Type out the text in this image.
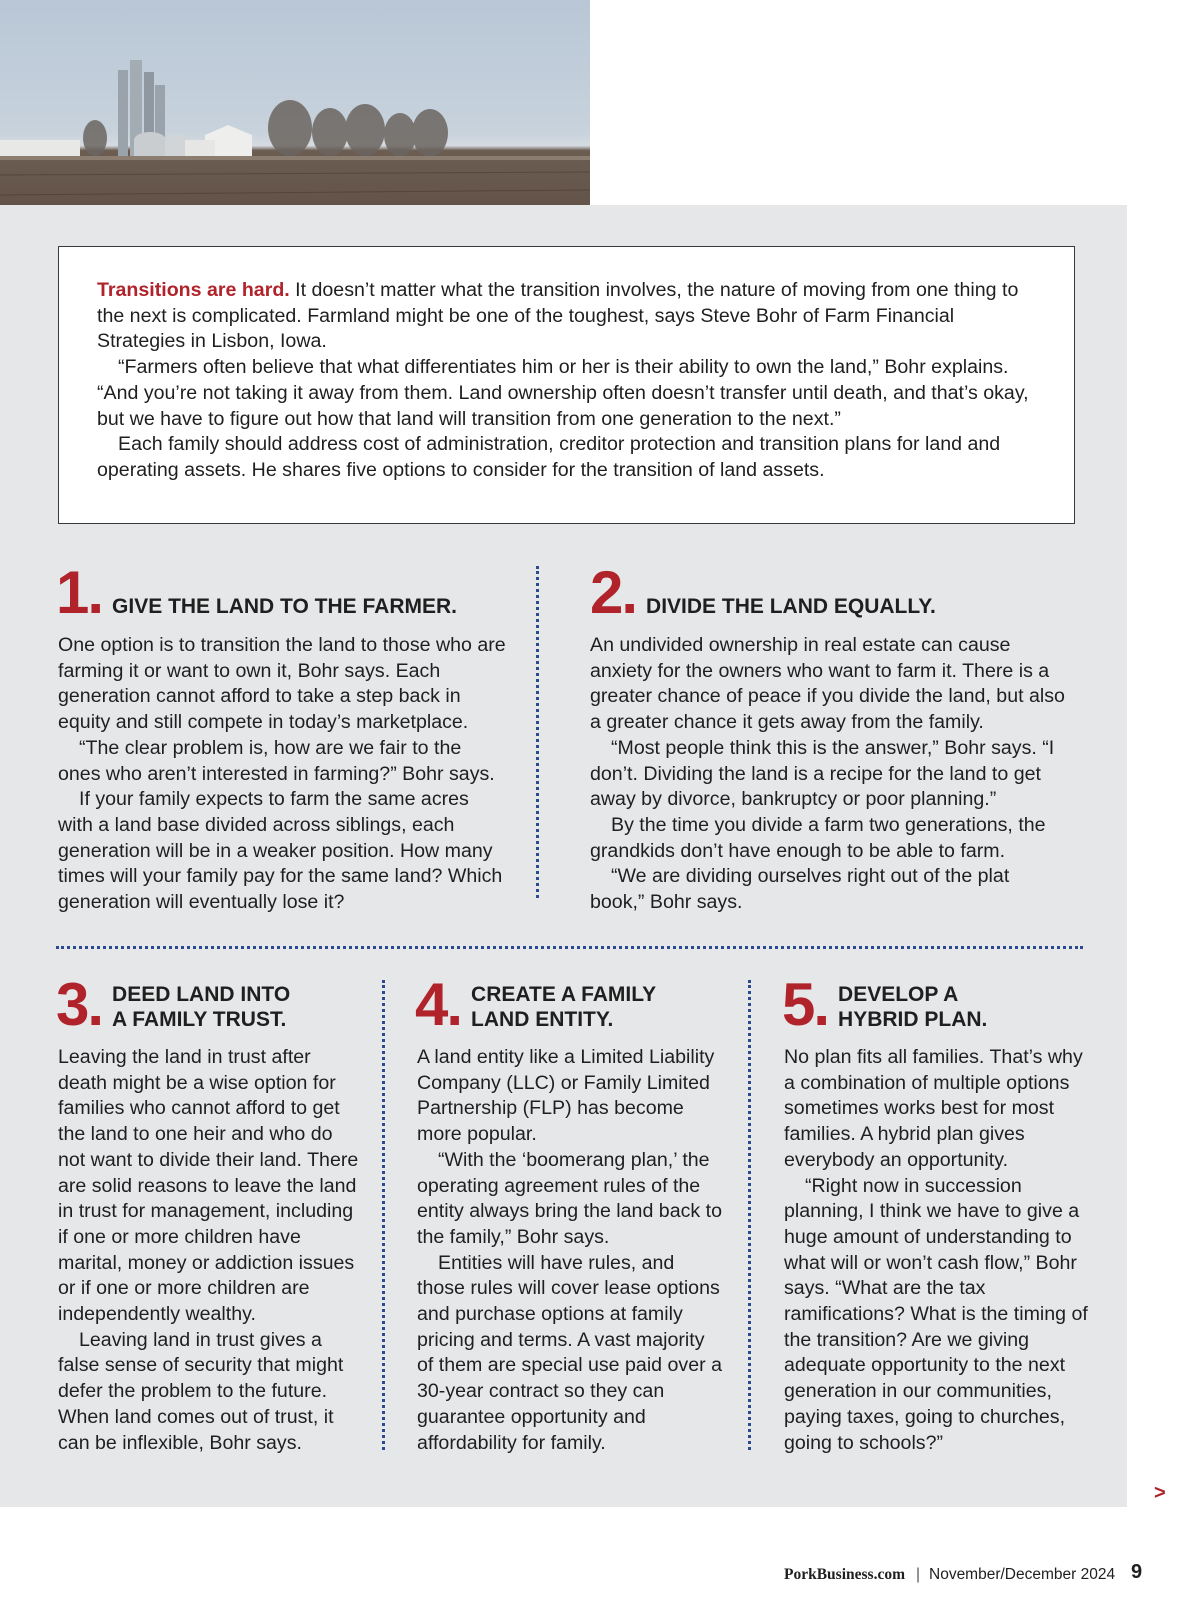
Transitions are hard. It doesn’t matter what the transition involves, the nature of moving from one thing to the next is complicated. Farmland might be one of the toughest, says Steve Bohr of Farm Financial Strategies in Lisbon, Iowa.

“Farmers often believe that what differentiates him or her is their ability to own the land,” Bohr explains. “And you’re not taking it away from them. Land ownership often doesn’t transfer until death, and that’s okay, but we have to figure out how that land will transition from one generation to the next.”

Each family should address cost of administration, creditor protection and transition plans for land and operating assets. He shares five options to consider for the transition of land assets.

1. GIVE THE LAND TO THE FARMER.

One option is to transition the land to those who are farming it or want to own it, Bohr says. Each generation cannot afford to take a step back in equity and still compete in today’s marketplace.

“The clear problem is, how are we fair to the ones who aren’t interested in farming?” Bohr says.

If your family expects to farm the same acres with a land base divided across siblings, each generation will be in a weaker position. How many times will your family pay for the same land? Which generation will eventually lose it?

2. DIVIDE THE LAND EQUALLY.

An undivided ownership in real estate can cause anxiety for the owners who want to farm it. There is a greater chance of peace if you divide the land, but also a greater chance it gets away from the family.

“Most people think this is the answer,” Bohr says. “I don’t. Dividing the land is a recipe for the land to get away by divorce, bankruptcy or poor planning.”

By the time you divide a farm two generations, the grandkids don’t have enough to be able to farm.

“We are dividing ourselves right out of the plat book,” Bohr says.

3. DEED LAND INTO
A FAMILY TRUST.

Leaving the land in trust after death might be a wise option for families who cannot afford to get the land to one heir and who do not want to divide their land. There are solid reasons to leave the land in trust for management, including if one or more children have marital, money or addiction issues or if one or more children are independently wealthy.

Leaving land in trust gives a false sense of security that might defer the problem to the future. When land comes out of trust, it can be inflexible, Bohr says.

4. CREATE A FAMILY
LAND ENTITY.

A land entity like a Limited Liability Company (LLC) or Family Limited Partnership (FLP) has become more popular.

“With the ‘boomerang plan,’ the operating agreement rules of the entity always bring the land back to the family,” Bohr says.

Entities will have rules, and those rules will cover lease options and purchase options at family pricing and terms. A vast majority of them are special use paid over a 30-year contract so they can guarantee opportunity and affordability for family.

5. DEVELOP A
HYBRID PLAN.

No plan fits all families. That’s why a combination of multiple options sometimes works best for most families. A hybrid plan gives everybody an opportunity.

“Right now in succession planning, I think we have to give a huge amount of understanding to what will or won’t cash flow,” Bohr says. “What are the tax ramifications? What is the timing of the transition? Are we giving adequate opportunity to the next generation in our communities, paying taxes, going to churches, going to schools?”

>
PorkBusiness.com | November/December 2024 9
